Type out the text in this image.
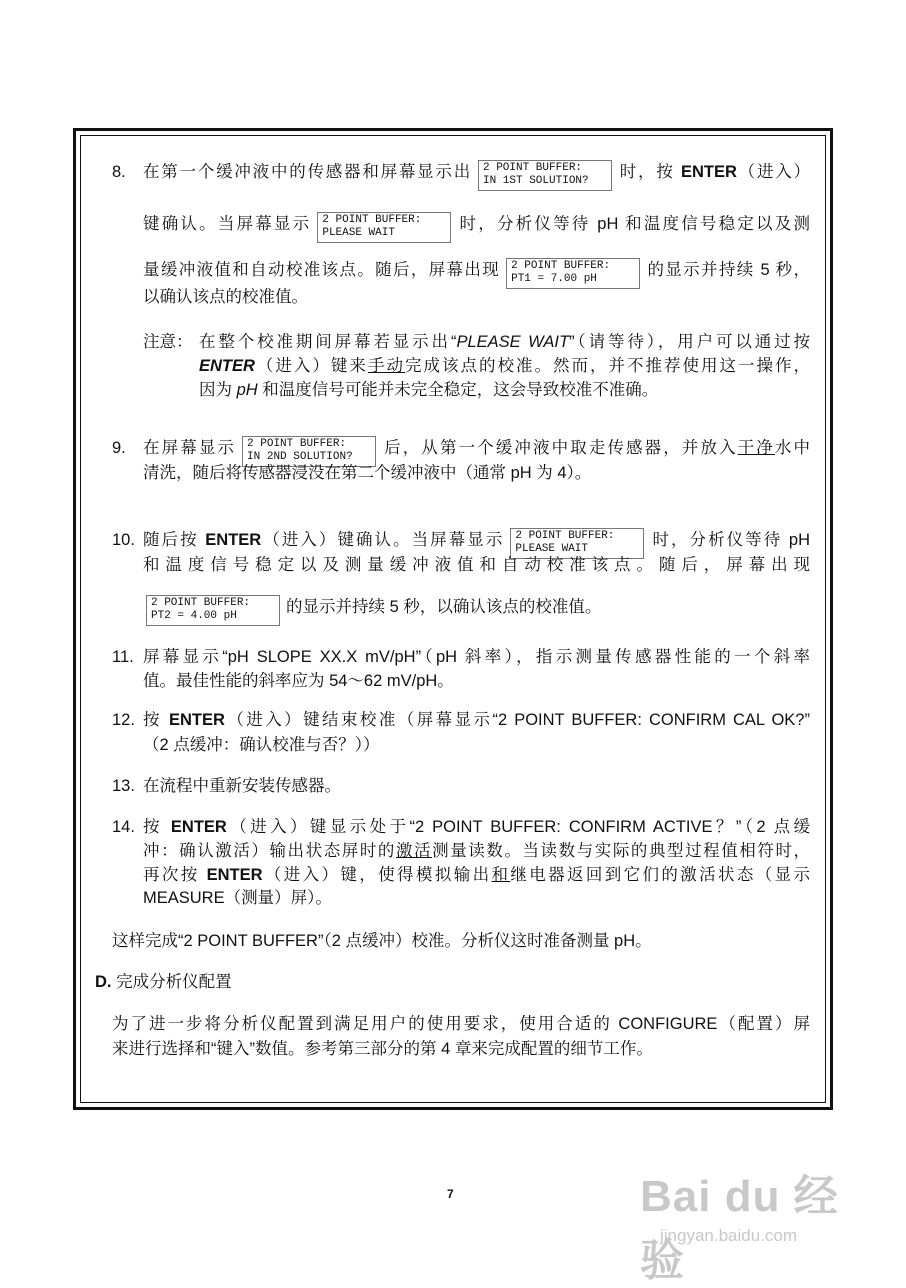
8. 在第一个缓冲液中的传感器和屏幕显示出 2 POINT BUFFER:
IN 1ST SOLUTION?	时，按 ENTER（进入）
键确认。当屏幕显示 2 POINT BUFFER:
PLEASE WAIT	时，分析仪等待 pH 和温度信号稳定以及测
量缓冲液值和自动校准该点。随后，屏幕出现 2 POINT BUFFER:
PT1 = 7.00 pH	的显示并持续 5 秒，
以确认该点的校准值。
注意： 在整个校准期间屏幕若显示出“PLEASE WAIT”（请等待），用户可以通过按
ENTER（进入）键来手动完成该点的校准。然而，并不推荐使用这一操作，
因为 pH 和温度信号可能并未完全稳定，这会导致校准不准确。
9. 在屏幕显示 2 POINT BUFFER:
IN 2ND SOLUTION?	后，从第一个缓冲液中取走传感器，并放入干净水中
清洗，随后将传感器浸没在第二个缓冲液中（通常 pH 为 4）。
10. 随后按 ENTER（进入）键确认。当屏幕显示 2 POINT BUFFER:
PLEASE WAIT	时，分析仪等待 pH
和温度信号稳定以及测量缓冲液值和自动校准该点。随后，屏幕出现
2 POINT BUFFER:
PT2 = 4.00 pH	的显示并持续 5 秒，以确认该点的校准值。
11. 屏幕显示“pH SLOPE XX.X mV/pH”（pH 斜率），指示测量传感器性能的一个斜率
值。最佳性能的斜率应为 54～62 mV/pH。
12. 按 ENTER（进入）键结束校准（屏幕显示“2 POINT BUFFER: CONFIRM CAL OK?”
（2 点缓冲：确认校准与否？））
13. 在流程中重新安装传感器。
14. 按 ENTER（进入）键显示处于“2 POINT BUFFER: CONFIRM ACTIVE？”（2 点缓
冲：确认激活）输出状态屏时的激活测量读数。当读数与实际的典型过程值相符时，
再次按 ENTER（进入）键，使得模拟输出和继电器返回到它们的激活状态（显示
MEASURE（测量）屏）。
这样完成“2 POINT BUFFER”（2 点缓冲）校准。分析仪这时准备测量 pH。
D. 完成分析仪配置
为了进一步将分析仪配置到满足用户的使用要求，使用合适的 CONFIGURE（配置）屏
来进行选择和“键入”数值。参考第三部分的第 4 章来完成配置的细节工作。
7	Bai du 经验
jingyan.baidu.com
